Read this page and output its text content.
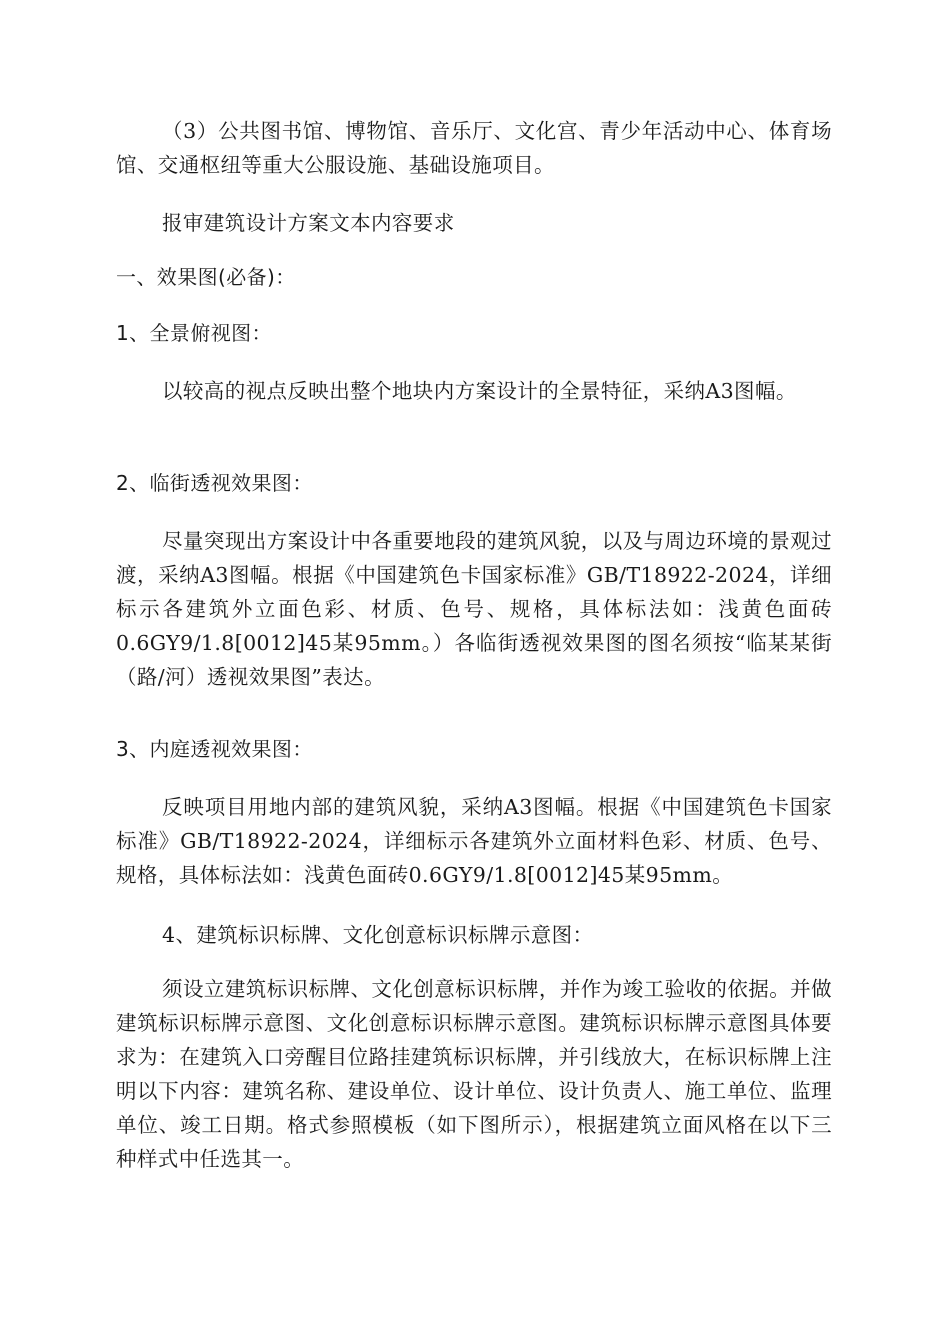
（3）公共图书馆、博物馆、音乐厅、文化宫、青少年活动中心、体育场馆、交通枢纽等重大公服设施、基础设施项目。

报审建筑设计方案文本内容要求

一、效果图(必备)：

1、全景俯视图：

以较高的视点反映出整个地块内方案设计的全景特征，采纳A3图幅。

2、临街透视效果图：

尽量突现出方案设计中各重要地段的建筑风貌，以及与周边环境的景观过渡，采纳A3图幅。根据《中国建筑色卡国家标准》GB/T18922-2024，详细标示各建筑外立面色彩、材质、色号、规格，具体标法如：浅黄色面砖0.6GY9/1.8[0012]45某95mm。）各临街透视效果图的图名须按“临某某街（路/河）透视效果图”表达。

3、内庭透视效果图：

反映项目用地内部的建筑风貌，采纳A3图幅。根据《中国建筑色卡国家标准》GB/T18922-2024，详细标示各建筑外立面材料色彩、材质、色号、规格，具体标法如：浅黄色面砖0.6GY9/1.8[0012]45某95mm。

4、建筑标识标牌、文化创意标识标牌示意图：

须设立建筑标识标牌、文化创意标识标牌，并作为竣工验收的依据。并做建筑标识标牌示意图、文化创意标识标牌示意图。建筑标识标牌示意图具体要求为：在建筑入口旁醒目位路挂建筑标识标牌，并引线放大，在标识标牌上注明以下内容：建筑名称、建设单位、设计单位、设计负责人、施工单位、监理单位、竣工日期。格式参照模板（如下图所示），根据建筑立面风格在以下三种样式中任选其一。
